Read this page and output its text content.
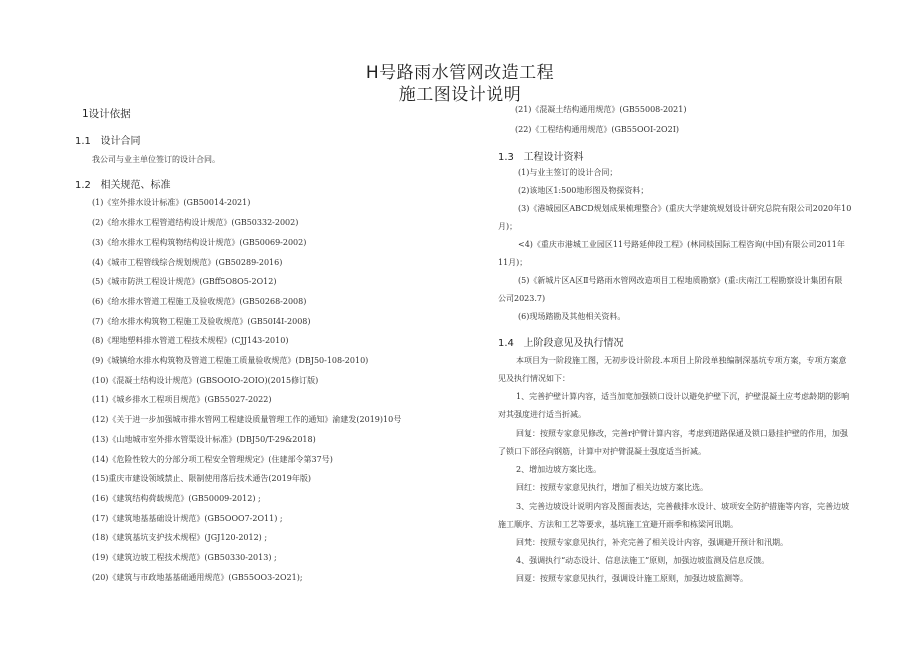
H号路雨水管网改造工程
施工图设计说明
1设计依据
1.1 设计合同
我公司与业主单位签订的设计合同。
1.2 相关规范、标准
(1)《室外排水设计标准》(GB50014-2021)
(2)《给水排水工程管道结构设计规范》(GB50332-2002)
(3)《给水排水工程构筑物结构设计规范》(GB50069-2002)
(4)《城市工程管线综合规划规范》(GB50289-2016)
(5)《城市防洪工程设计规范》(GBff5O8O5-2O12)
(6)《给水排水管道工程施工及验收规范》(GB50268-2008)
(7)《给水排水构筑物工程施工及验收规范》(GB50I4I-2008)
(8)《埋地塑料排水管道工程技术规程》(CJJ143-2010)
(9)《城镇给水排水构筑物及管道工程施工质量验收规范》(DBJ50-108-2010)
(10)《混凝土结构设计规范》(GBSOOIO-2OIO)(2015修订版)
(11)《城乡排水工程项目规范》(GB55027-2022)
(12)《关于进一步加强城市排水管网工程建设质量管理工作的通知》渝建发(2019)10号
(13)《山地城市室外排水管渠设计标准》(DBJ50/T-29&2018)
(14)《危险性较大的分部分项工程安全管理规定》(住建部令第37号)
(15)重庆市建设领域禁止、限制使用落后技术通告(2019年版)
(16)《建筑结构荷载规范》(GB50009-2012) ;
(17)《建筑地基基础设计规范》(GB5OOO7-2O11) ;
(18)《建筑基坑支护技术规程》(JGJ120-2012) ;
(19)《建筑边坡工程技术规范》(GB50330-2013) ;
(20)《建筑与市政地基基础通用规范》(GB55OO3-2O21);
(21)《混凝土结构通用规范》(GB55008-2021)
(22)《工程结构通用规范》(GB55OOI-2O2I)
1.3 工程设计资料
(1)与业主签订的设计合同；
(2)该地区1:500地形图及物探资料；
(3)《港城园区ABCD规划成果梳理整合》(重庆大学建筑规划设计研究总院有限公司2020年10
月)；
<4)《重庆市港城工业园区11号路延伸段工程》(林同棪国际工程咨询(中国)有限公司2011年
11月)；
(5)《新城片区A区Ⅱ号路雨水管网改造项目工程地质勘察》(重:庆南江工程勘察设计集团有限
公司2023.7)
(6)现场踏勘及其他相关资料。
1.4 上阶段意见及执行情况
本项目为一阶段施工图，无初步设计阶段.本项目上阶段单独编制深基坑专项方案，专项方案意
见及执行情况如下：
1、完善护壁计算内容，适当加宽加强锁口设计以避免护壁下沉，护壁混凝土应考虑龄期的影响
对其强度进行适当折减。
回复：按照专家意见修改，完善r护臂计算内容，考虑到道路保通及锁口悬挂护壁的作用，加强
了锁口下部径向钢筋，计算中对护臂混凝土强度适当折减。
2、增加边坡方案比选。
回红：按照专家意见执行，增加了相关边坡方案比选。
3、完善边坡设计说明内容及图面表达，完善截排水设计、坡项安全防护措施等内容，完善边坡
施工顺序、方法和工艺等要求，基坑施工宜避开雨季和栋梁河讯期。
回梵：按照专家意见执行，补充完善了相关设计内容，强调避开预计和汛期。
4、强调执行“动态设计、信息法施工”原则，加强边坡监测及信息反馈。
回夏：按照专家意见执行，强调设计施工原则，加强边坡监测等。
